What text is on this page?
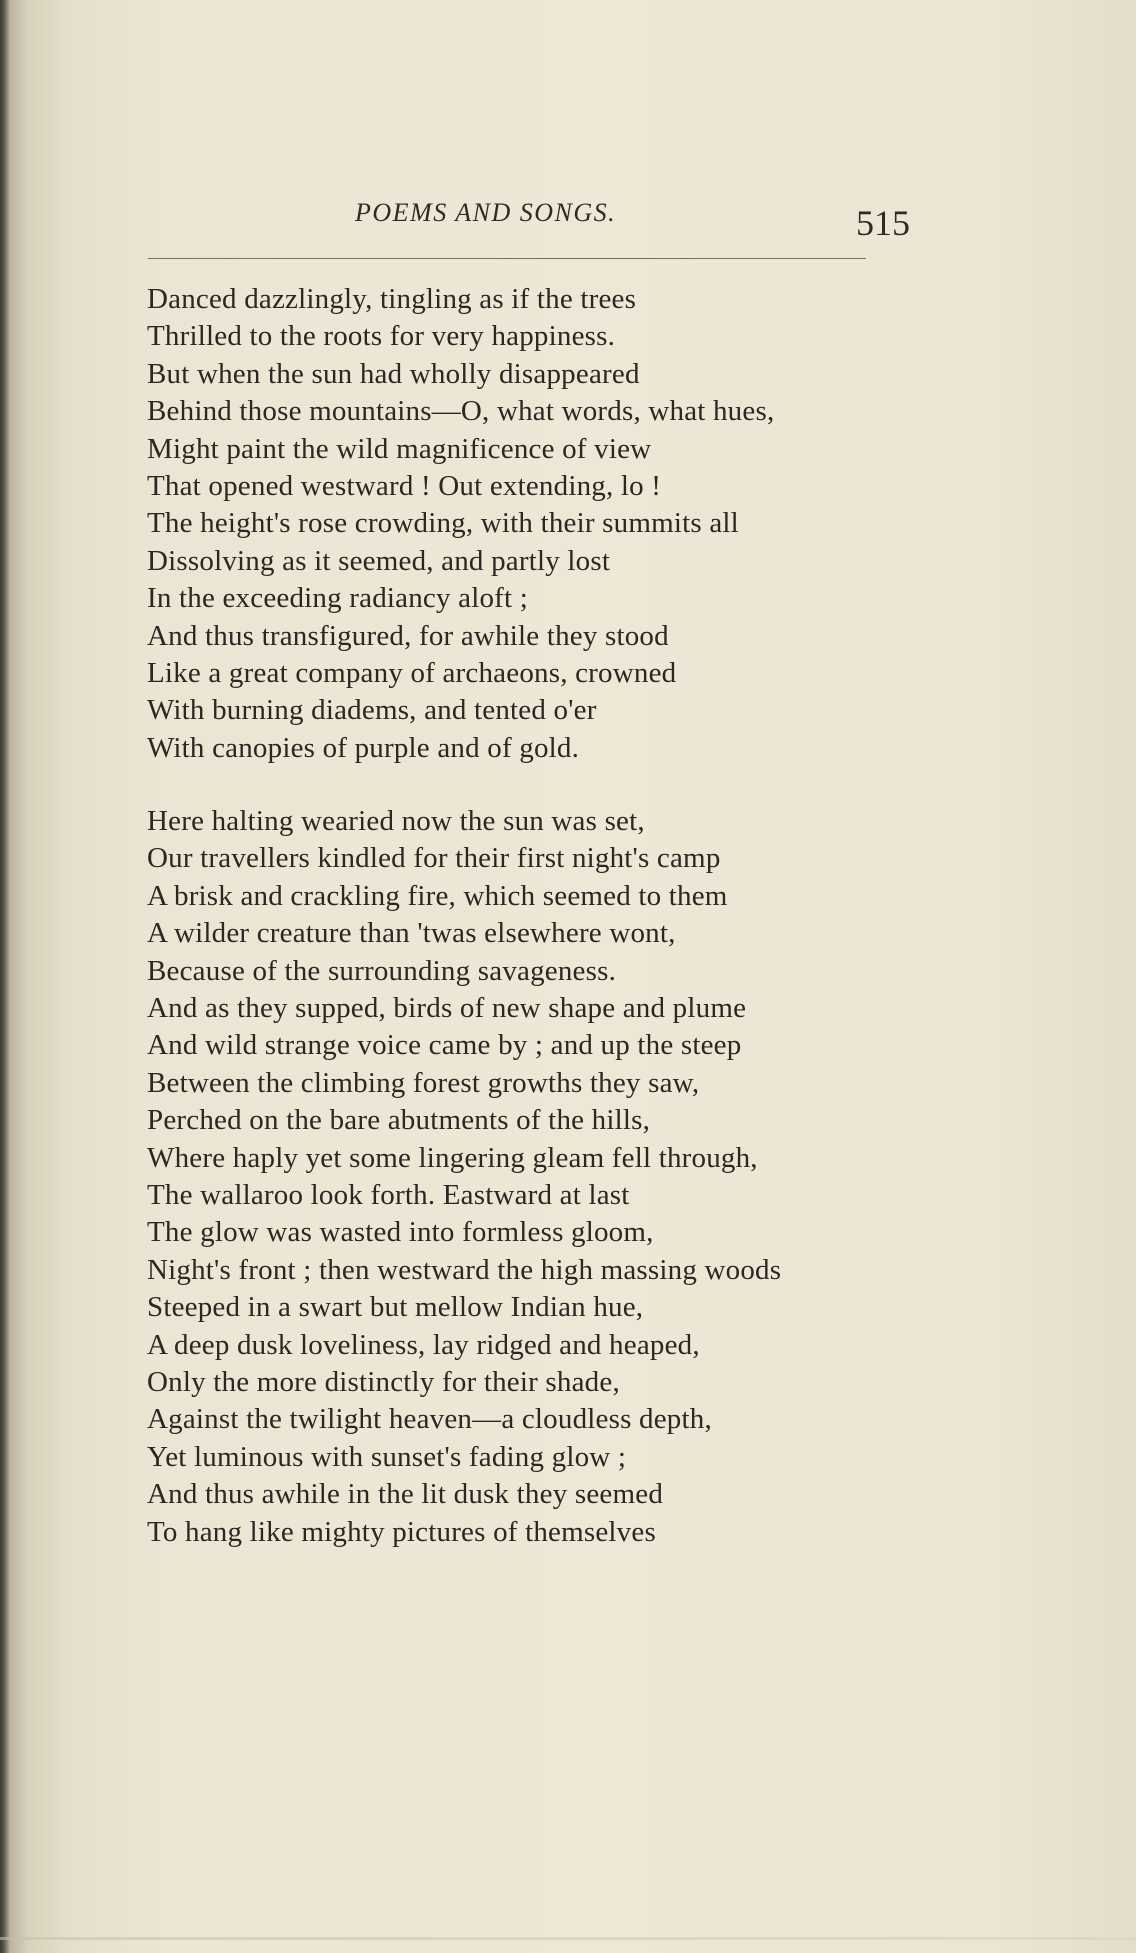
POEMS AND SONGS.	515
Danced dazzlingly, tingling as if the trees
Thrilled to the roots for very happiness.
But when the sun had wholly disappeared
Behind those mountains—O, what words, what hues,
Might paint the wild magnificence of view
That opened westward ! Out extending, lo !
The height's rose crowding, with their summits all
Dissolving as it seemed, and partly lost
In the exceeding radiancy aloft ;
And thus transfigured, for awhile they stood
Like a great company of archaeons, crowned
With burning diadems, and tented o'er
With canopies of purple and of gold.
Here halting wearied now the sun was set,
Our travellers kindled for their first night's camp
A brisk and crackling fire, which seemed to them
A wilder creature than 'twas elsewhere wont,
Because of the surrounding savageness.
And as they supped, birds of new shape and plume
And wild strange voice came by ; and up the steep
Between the climbing forest growths they saw,
Perched on the bare abutments of the hills,
Where haply yet some lingering gleam fell through,
The wallaroo look forth. Eastward at last
The glow was wasted into formless gloom,
Night's front ; then westward the high massing woods
Steeped in a swart but mellow Indian hue,
A deep dusk loveliness, lay ridged and heaped,
Only the more distinctly for their shade,
Against the twilight heaven—a cloudless depth,
Yet luminous with sunset's fading glow ;
And thus awhile in the lit dusk they seemed
To hang like mighty pictures of themselves
